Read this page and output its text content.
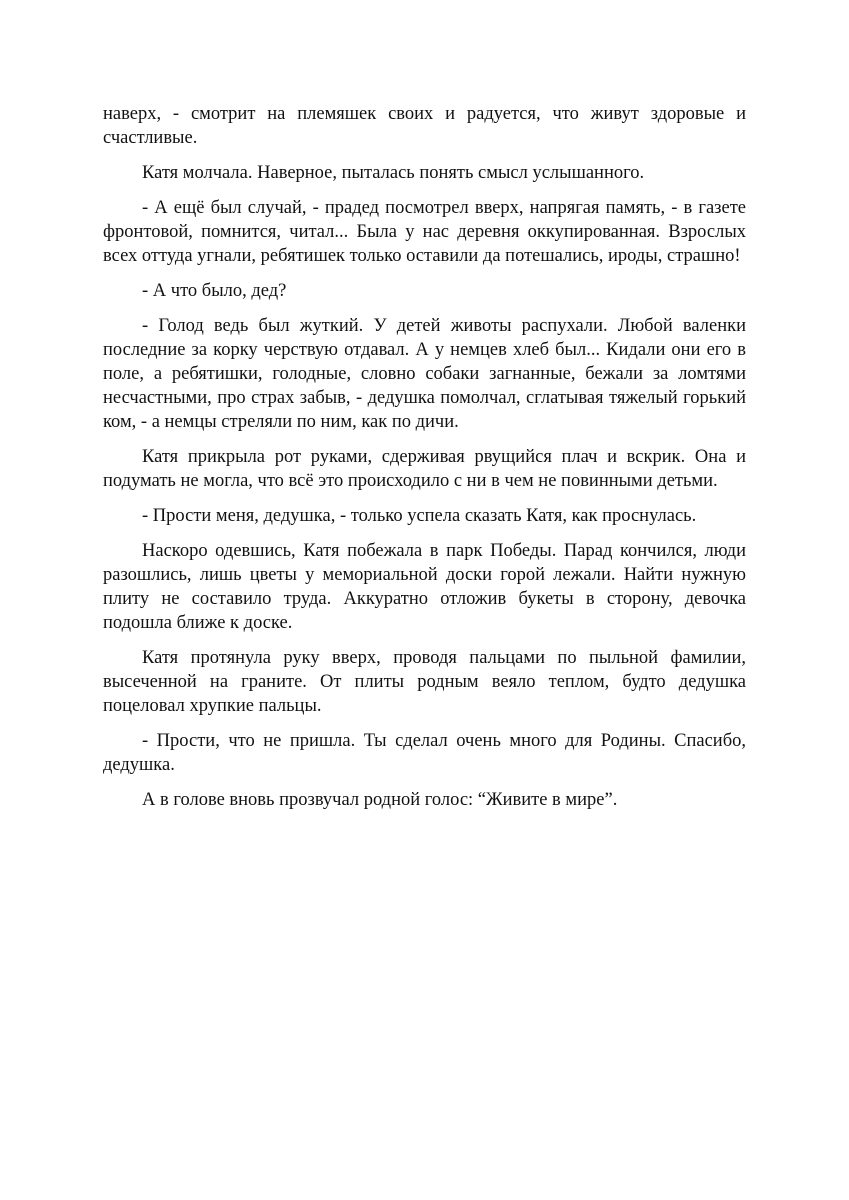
наверх, - смотрит на племяшек своих и радуется, что живут здоровые и счастливые.

Катя молчала. Наверное, пыталась понять смысл услышанного.

- А ещё был случай, - прадед посмотрел вверх, напрягая память, - в газете фронтовой, помнится, читал... Была у нас деревня оккупированная. Взрослых всех оттуда угнали, ребятишек только оставили да потешались, ироды, страшно!

- А что было, дед?

- Голод ведь был жуткий. У детей животы распухали. Любой валенки последние за корку черствую отдавал. А у немцев хлеб был... Кидали они его в поле, а ребятишки, голодные, словно собаки загнанные, бежали за ломтями несчастными, про страх забыв, - дедушка помолчал, сглатывая тяжелый горький ком, - а немцы стреляли по ним, как по дичи.

Катя прикрыла рот руками, сдерживая рвущийся плач и вскрик. Она и подумать не могла, что всё это происходило с ни в чем не повинными детьми.

- Прости меня, дедушка, - только успела сказать Катя, как проснулась.

Наскоро одевшись, Катя побежала в парк Победы. Парад кончился, люди разошлись, лишь цветы у мемориальной доски горой лежали. Найти нужную плиту не составило труда. Аккуратно отложив букеты в сторону, девочка подошла ближе к доске.

Катя протянула руку вверх, проводя пальцами по пыльной фамилии, высеченной на граните. От плиты родным веяло теплом, будто дедушка поцеловал хрупкие пальцы.

- Прости, что не пришла. Ты сделал очень много для Родины. Спасибо, дедушка.

А в голове вновь прозвучал родной голос: “Живите в мире”.
